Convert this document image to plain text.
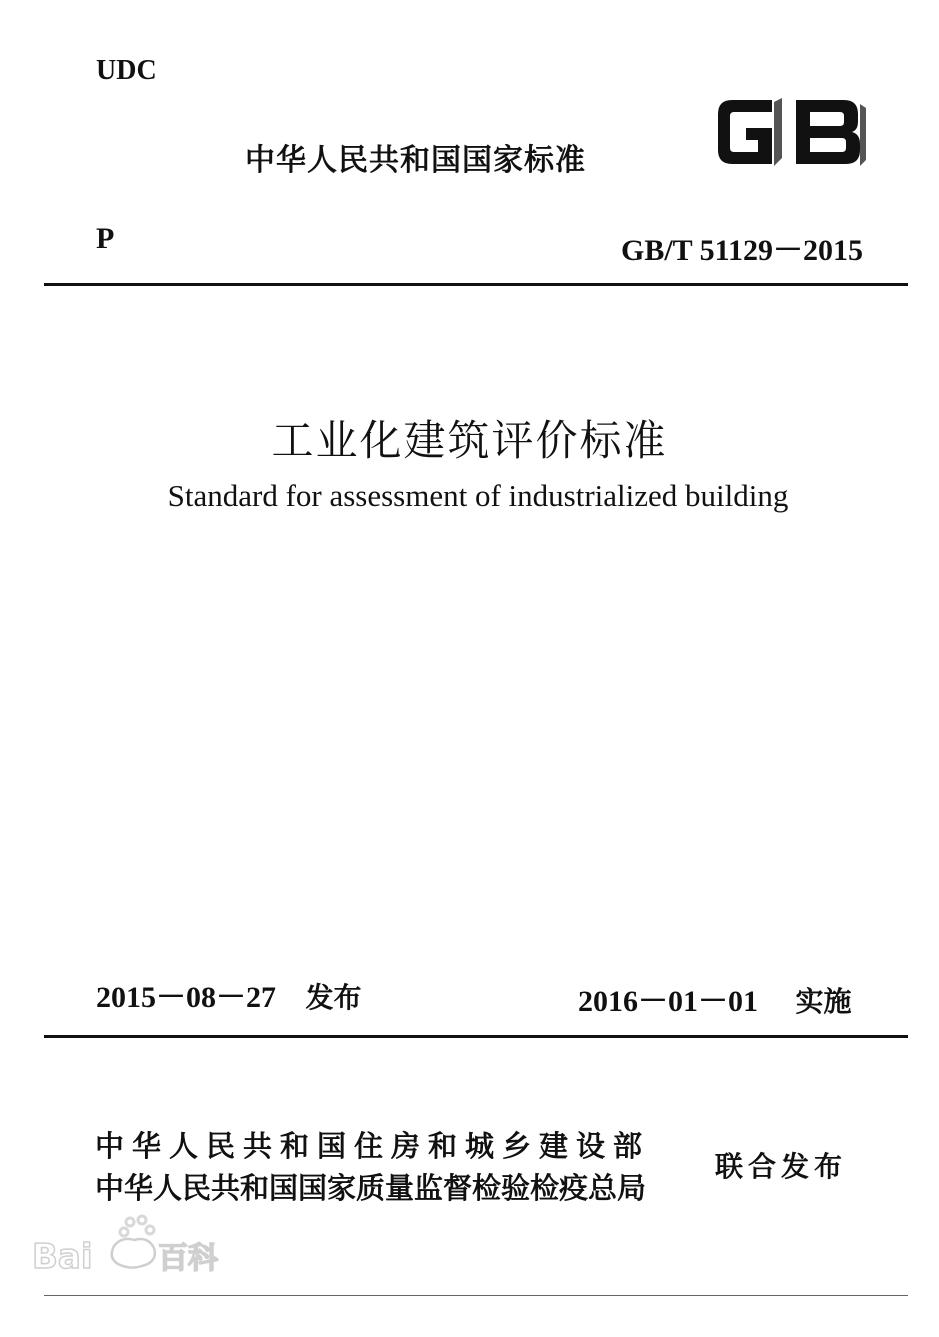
UDC
中华人民共和国国家标准
P	GB/T 51129－2015
工业化建筑评价标准
Standard for assessment of industrialized building
2015－08－27 发布	2016－01－01 实施
中华人民共和国住房和城乡建设部
中华人民共和国国家质量监督检验检疫总局
联合发布
Bai 百科
